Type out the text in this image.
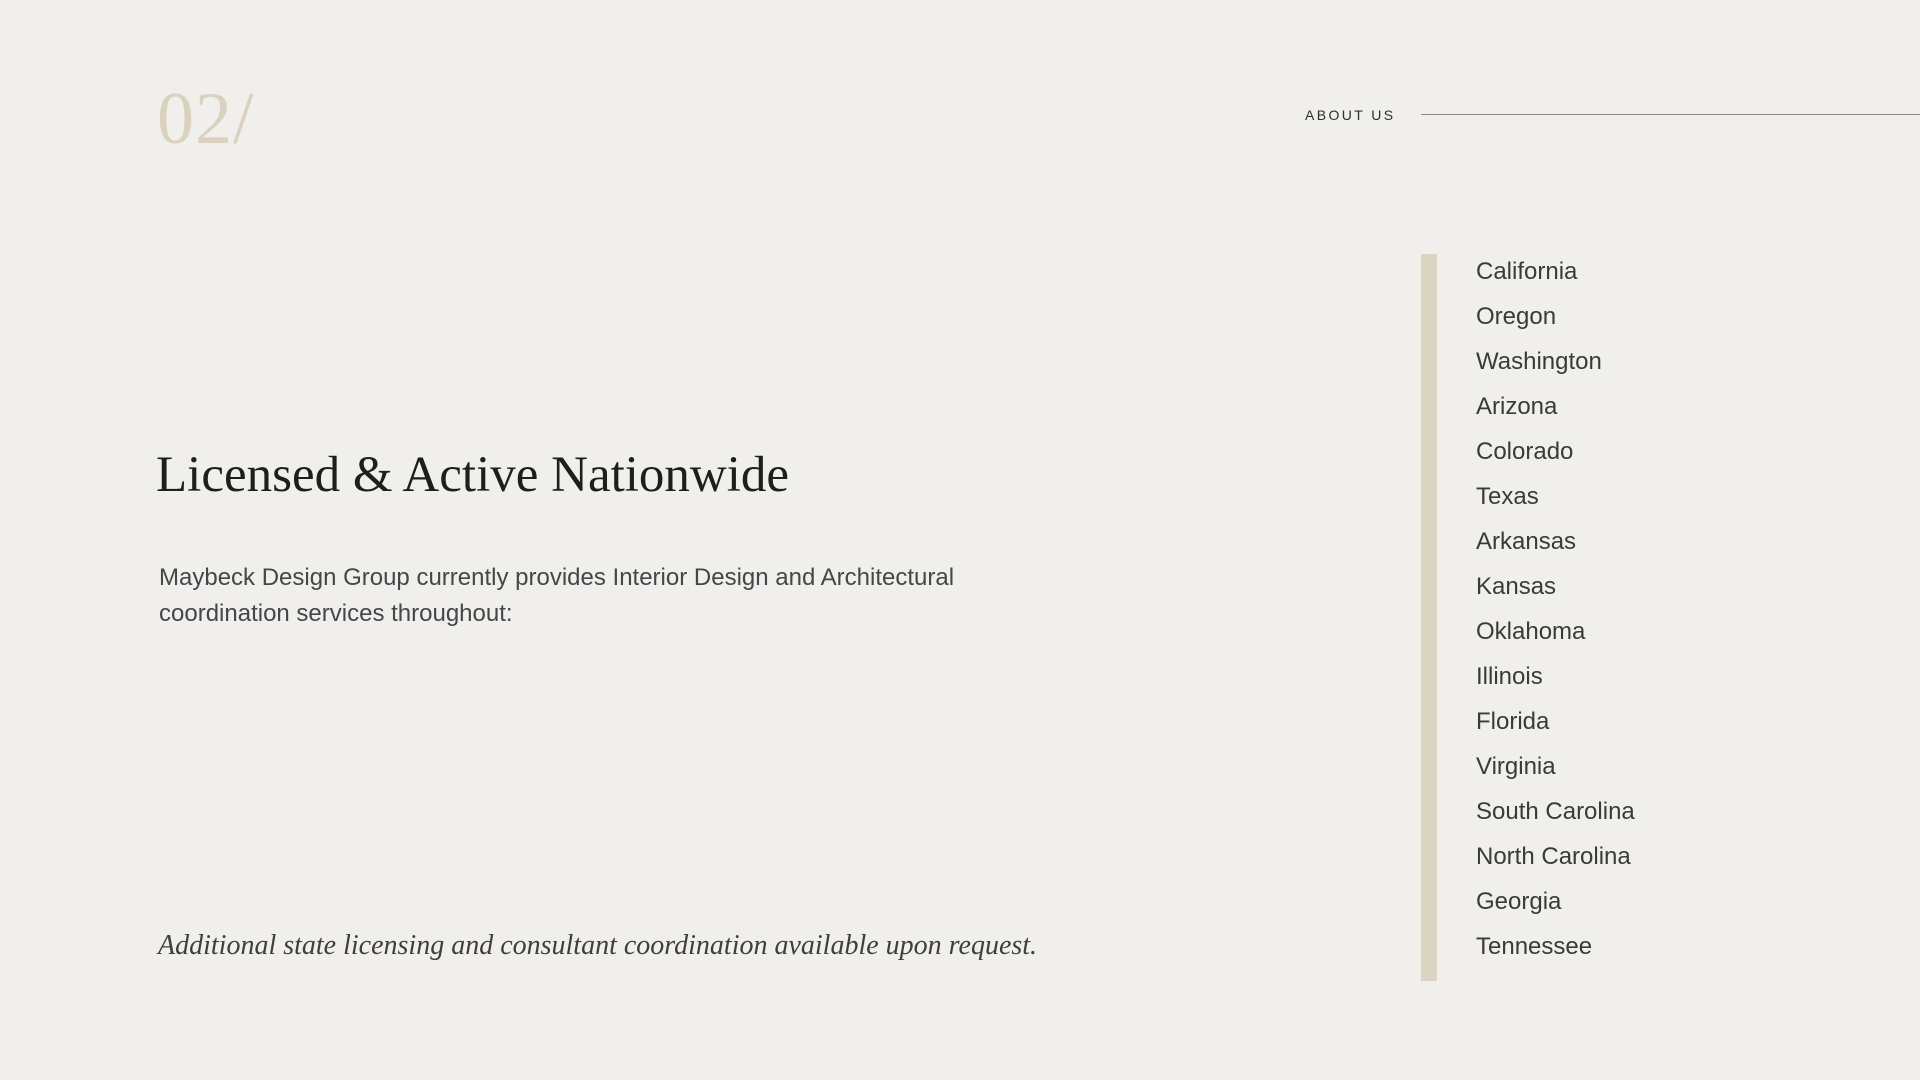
02/	ABOUT US
Licensed & Active Nationwide

Maybeck Design Group currently provides Interior Design and Architectural coordination services throughout:

Additional state licensing and consultant coordination available upon request.

California
Oregon
Washington
Arizona
Colorado
Texas
Arkansas
Kansas
Oklahoma
Illinois
Florida
Virginia
South Carolina
North Carolina
Georgia
Tennessee
